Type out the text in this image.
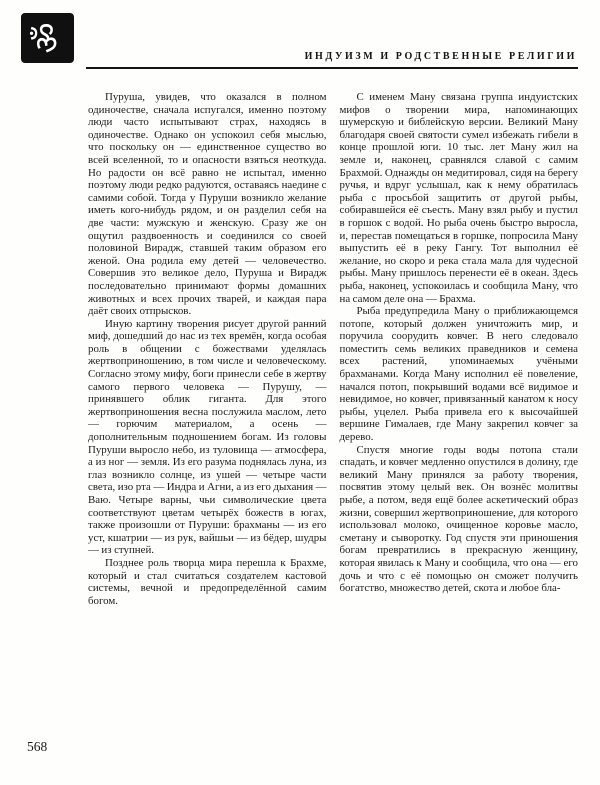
ॐ
ИНДУИЗМ И РОДСТВЕННЫЕ РЕЛИГИИ

Пуруша, увидев, что оказался в полном одиночестве, сначала испугался, именно поэтому люди часто испытывают страх, находясь в одиночестве. Однако он успокоил себя мыслью, что поскольку он — единственное существо во всей вселенной, то и опасности взяться неоткуда. Но радости он всё равно не испытал, именно поэтому люди редко радуются, оставаясь наедине с самими собой. Тогда у Пуруши возникло желание иметь кого-нибудь рядом, и он разделил себя на две части: мужскую и женскую. Сразу же он ощутил раздвоенность и соединился со своей половиной Вирадж, ставшей таким образом его женой. Она родила ему детей — человечество. Совершив это великое дело, Пуруша и Вирадж последовательно принимают формы домашних животных и всех прочих тварей, и каждая пара даёт своих отпрысков.

Иную картину творения рисует другой ранний миф, дошедший до нас из тех времён, когда особая роль в общении с божествами уделялась жертвоприношению, в том числе и человеческому. Согласно этому мифу, боги принесли себе в жертву самого первого человека — Пурушу, — принявшего облик гиганта. Для этого жертвоприношения весна послужила маслом, лето — горючим материалом, а осень — дополнительным подношением богам. Из головы Пуруши выросло небо, из туловища — атмосфера, а из ног — земля. Из его разума поднялась луна, из глаз возникло солнце, из ушей — четыре части света, изо рта — Индра и Агни, а из его дыхания — Ваю. Четыре варны, чьи символические цвета соответствуют цветам четырёх божеств в югах, также произошли от Пуруши: брахманы — из его уст, кшатрии — из рук, вайшьи — из бёдер, шудры — из ступней.

Позднее роль творца мира перешла к Брахме, который и стал считаться создателем кастовой системы, вечной и предопределённой самим богом.

С именем Ману связана группа индуистских мифов о творении мира, напоминающих шумерскую и библейскую версии. Великий Ману благодаря своей святости сумел избежать гибели в конце прошлой юги. 10 тыс. лет Ману жил на земле и, наконец, сравнялся славой с самим Брахмой. Однажды он медитировал, сидя на берегу ручья, и вдруг услышал, как к нему обратилась рыба с просьбой защитить от другой рыбы, собиравшейся её съесть. Ману взял рыбу и пустил в горшок с водой. Но рыба очень быстро выросла, и, перестав помещаться в горшке, попросила Ману выпустить её в реку Гангу. Тот выполнил её желание, но скоро и река стала мала для чудесной рыбы. Ману пришлось перенести её в океан. Здесь рыба, наконец, успокоилась и сообщила Ману, что на самом деле она — Брахма.

Рыба предупредила Ману о приближающемся потопе, который должен уничтожить мир, и поручила соорудить ковчег. В него следовало поместить семь великих праведников и семена всех растений, упоминаемых учёными брахманами. Когда Ману исполнил её повеление, начался потоп, покрывший водами всё видимое и невидимое, но ковчег, привязанный канатом к носу рыбы, уцелел. Рыба привела его к высочайшей вершине Гималаев, где Ману закрепил ковчег за дерево.

Спустя многие годы воды потопа стали спадать, и ковчег медленно опустился в долину, где великий Ману принялся за работу творения, посвятив этому целый век. Он вознёс молитвы рыбе, а потом, ведя ещё более аскетический образ жизни, совершил жертвоприношение, для которого использовал молоко, очищенное коровье масло, сметану и сыворотку. Год спустя эти приношения богам превратились в прекрасную женщину, которая явилась к Ману и сообщила, что она — его дочь и что с её помощью он сможет получить богатство, множество детей, скота и любое бла-

568
